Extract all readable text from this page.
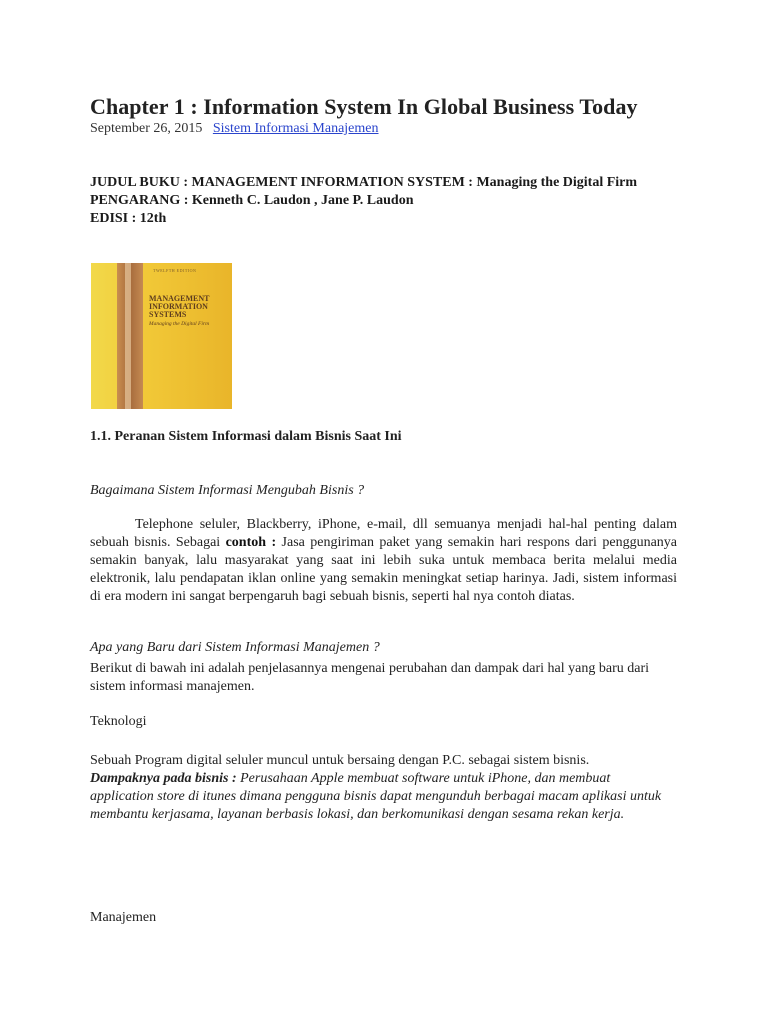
Chapter 1 : Information System In Global Business Today
September 26, 2015 Sistem Informasi Manajemen
JUDUL BUKU : MANAGEMENT INFORMATION SYSTEM : Managing the Digital Firm
PENGARANG : Kenneth C. Laudon , Jane P. Laudon
EDISI : 12th
TWELFTH EDITION
MANAGEMENT
INFORMATION
SYSTEMS
Managing the Digital Firm
1.1. Peranan Sistem Informasi dalam Bisnis Saat Ini
Bagaimana Sistem Informasi Mengubah Bisnis ?

Telephone seluler, Blackberry, iPhone, e-mail, dll semuanya menjadi hal-hal penting dalam sebuah bisnis. Sebagai contoh : Jasa pengiriman paket yang semakin hari respons dari penggunanya semakin banyak, lalu masyarakat yang saat ini lebih suka untuk membaca berita melalui media elektronik, lalu pendapatan iklan online yang semakin meningkat setiap harinya. Jadi, sistem informasi di era modern ini sangat berpengaruh bagi sebuah bisnis, seperti hal nya contoh diatas.

Apa yang Baru dari Sistem Informasi Manajemen ?

Berikut di bawah ini adalah penjelasannya mengenai perubahan dan dampak dari hal yang baru dari sistem informasi manajemen.

Teknologi

Sebuah Program digital seluler muncul untuk bersaing dengan P.C. sebagai sistem bisnis.
Dampaknya pada bisnis : Perusahaan Apple membuat software untuk iPhone, dan membuat application store di itunes dimana pengguna bisnis dapat mengunduh berbagai macam aplikasi untuk membantu kerjasama, layanan berbasis lokasi, dan berkomunikasi dengan sesama rekan kerja.

Manajemen
